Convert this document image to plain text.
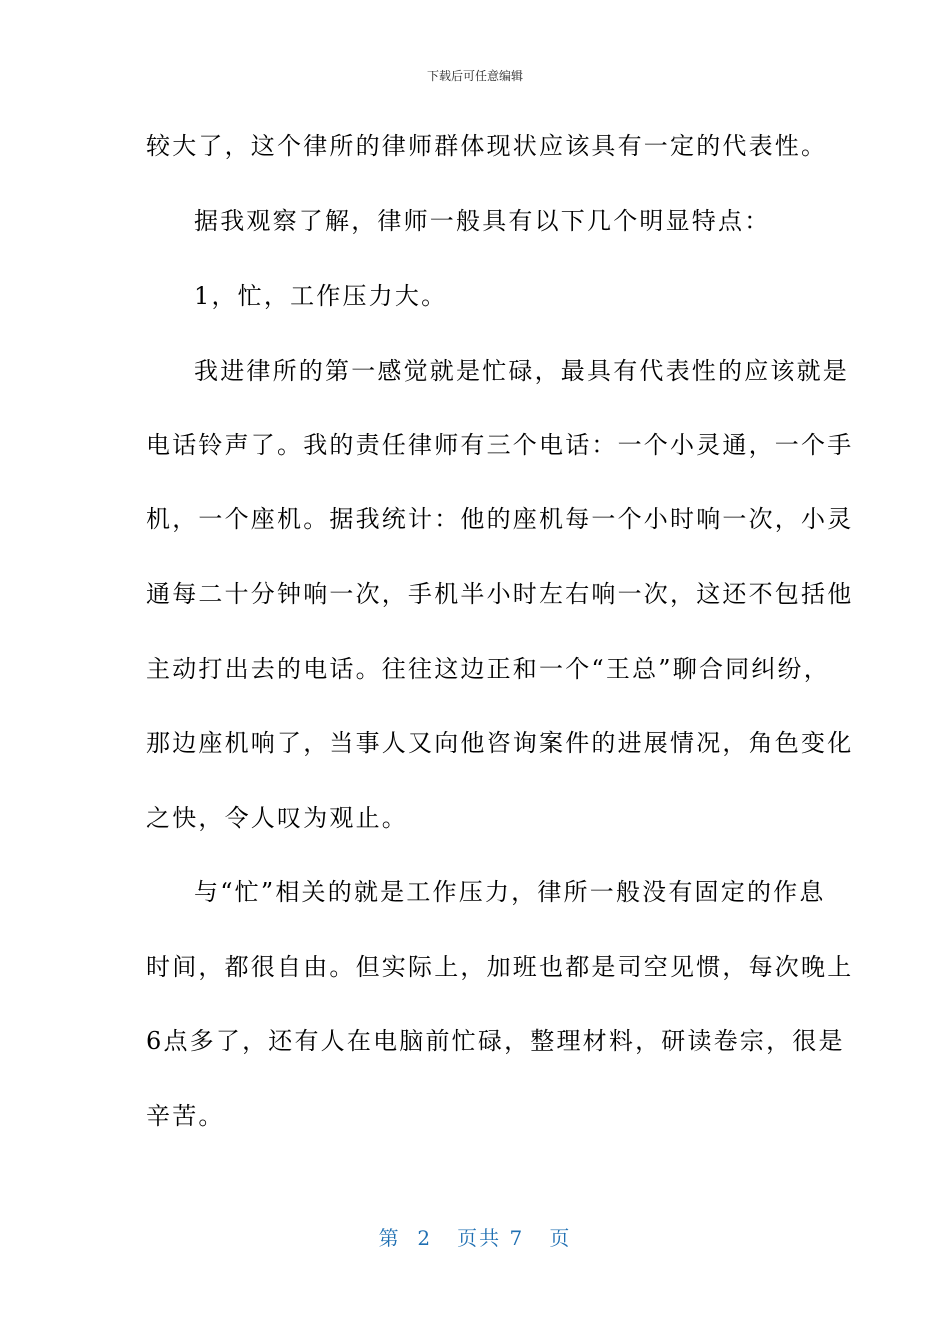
下载后可任意编辑
较大了，这个律所的律师群体现状应该具有一定的代表性。
据我观察了解，律师一般具有以下几个明显特点：
1，忙，工作压力大。
我进律所的第一感觉就是忙碌，最具有代表性的应该就是
电话铃声了。我的责任律师有三个电话：一个小灵通，一个手
机，一个座机。据我统计：他的座机每一个小时响一次，小灵
通每二十分钟响一次，手机半小时左右响一次，这还不包括他
主动打出去的电话。往往这边正和一个“王总”聊合同纠纷，
那边座机响了，当事人又向他咨询案件的进展情况，角色变化
之快，令人叹为观止。
与“忙”相关的就是工作压力，律所一般没有固定的作息
时间，都很自由。但实际上，加班也都是司空见惯，每次晚上
6点多了，还有人在电脑前忙碌，整理材料，研读卷宗，很是
辛苦。
第  2   页共 7   页
